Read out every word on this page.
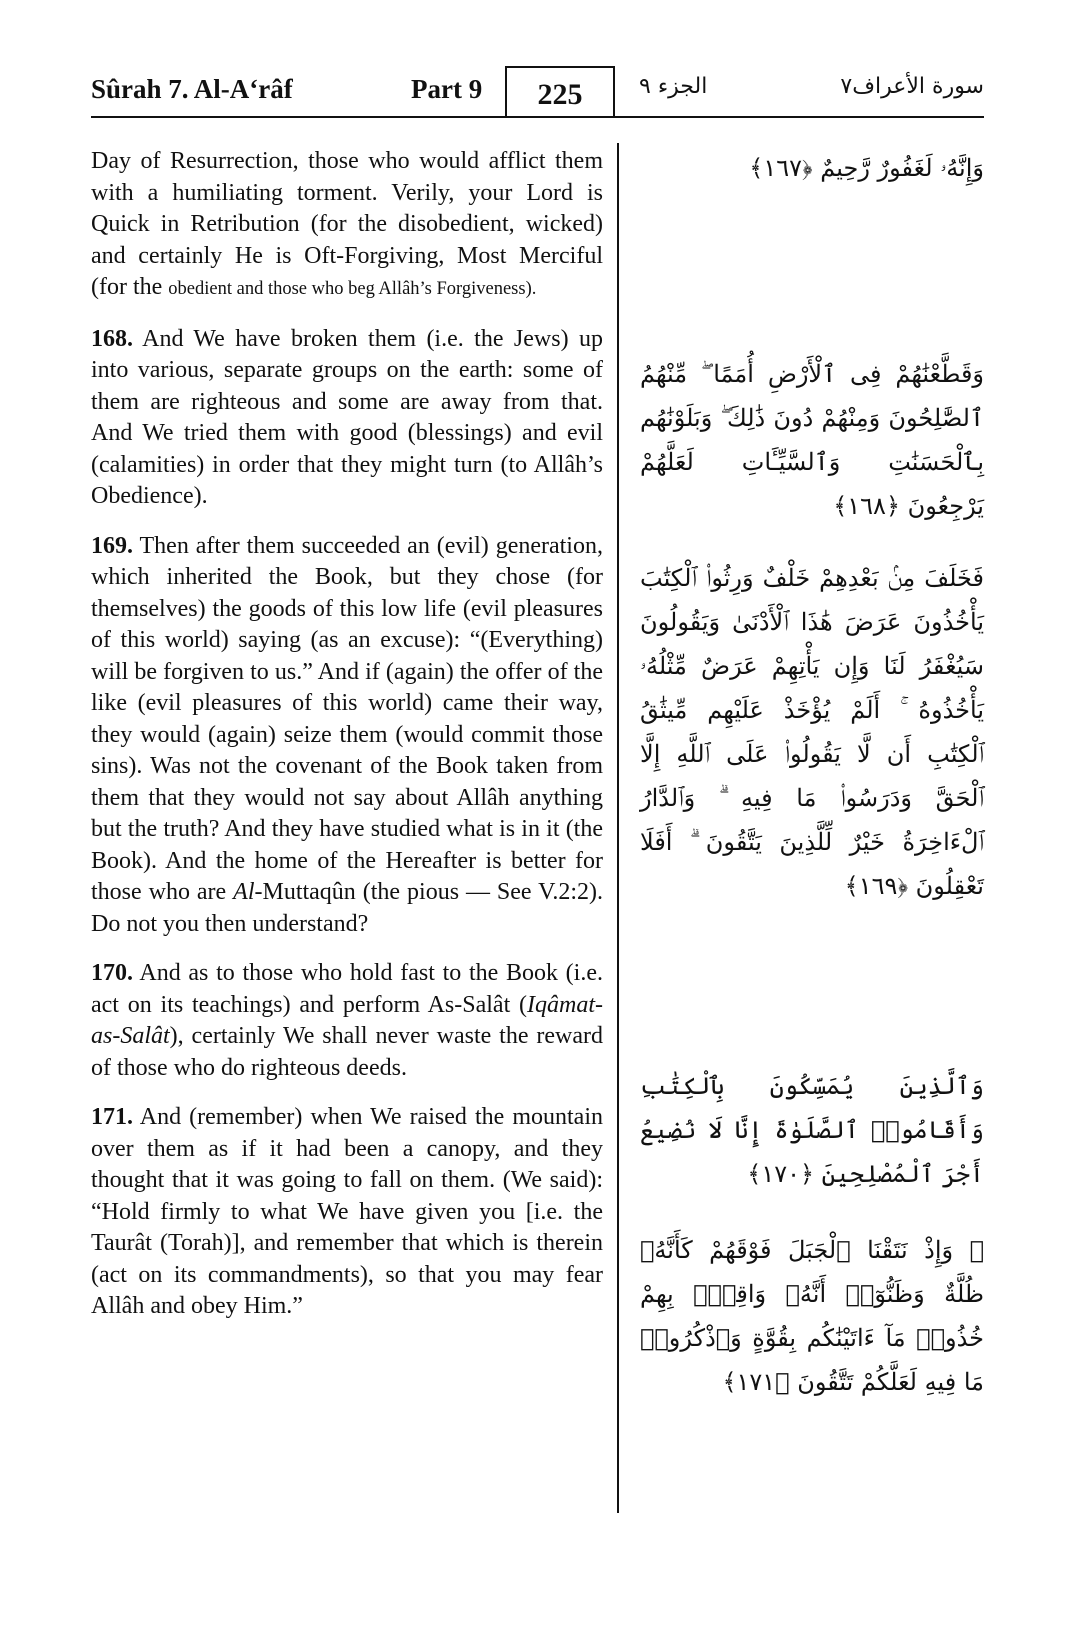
Sûrah 7. Al-A‘râf	Part 9	225	الجزء ٩	سورة الأعراف٧

Day of Resurrection, those who would afflict them with a humiliating torment. Verily, your Lord is Quick in Retribution (for the disobedient, wicked) and certainly He is Oft-Forgiving, Most Merciful (for the obedient and those who beg Allâh’s Forgiveness).

168. And We have broken them (i.e. the Jews) up into various, separate groups on the earth: some of them are righteous and some are away from that. And We tried them with good (blessings) and evil (calamities) in order that they might turn (to Allâh’s Obedience).

169. Then after them succeeded an (evil) generation, which inherited the Book, but they chose (for themselves) the goods of this low life (evil pleasures of this world) saying (as an excuse): “(Everything) will be forgiven to us.” And if (again) the offer of the like (evil pleasures of this world) came their way, they would (again) seize them (would commit those sins). Was not the covenant of the Book taken from them that they would not say about Allâh anything but the truth? And they have studied what is in it (the Book). And the home of the Hereafter is better for those who are Al-Muttaqûn (the pious — See V.2:2). Do not you then understand?

170. And as to those who hold fast to the Book (i.e. act on its teachings) and perform As-Salât (Iqâmat-as-Salât), certainly We shall never waste the reward of those who do righteous deeds.

171. And (remember) when We raised the mountain over them as if it had been a canopy, and they thought that it was going to fall on them. (We said): “Hold firmly to what We have given you [i.e. the Taurât (Torah)], and remember that which is therein (act on its commandments), so that you may fear Allâh and obey Him.”

وَإِنَّهُۥ لَغَفُورٌ رَّحِيمٌ ﴿١٦٧﴾
وَقَطَّعْنَٰهُمْ فِى ٱلْأَرْضِ أُمَمًا ۖ مِّنْهُمُ ٱلصَّٰلِحُونَ وَمِنْهُمْ دُونَ ذَٰلِكَ ۖ وَبَلَوْنَٰهُم بِٱلْحَسَنَٰتِ وَٱلسَّيِّـَٔاتِ لَعَلَّهُمْ يَرْجِعُونَ ﴿١٦٨﴾
فَخَلَفَ مِنۢ بَعْدِهِمْ خَلْفٌ وَرِثُوا۟ ٱلْكِتَٰبَ يَأْخُذُونَ عَرَضَ هَٰذَا ٱلْأَدْنَىٰ وَيَقُولُونَ سَيُغْفَرُ لَنَا وَإِن يَأْتِهِمْ عَرَضٌ مِّثْلُهُۥ يَأْخُذُوهُ ۚ أَلَمْ يُؤْخَذْ عَلَيْهِم مِّيثَٰقُ ٱلْكِتَٰبِ أَن لَّا يَقُولُوا۟ عَلَى ٱللَّهِ إِلَّا ٱلْحَقَّ وَدَرَسُوا۟ مَا فِيهِ ۗ وَٱلدَّارُ ٱلْءَاخِرَةُ خَيْرٌ لِّلَّذِينَ يَتَّقُونَ ۗ أَفَلَا تَعْقِلُونَ ﴿١٦٩﴾
وَٱلَّذِينَ يُمَسِّكُونَ بِٱلْكِتَٰبِ وَأَقَامُوا۟ ٱلصَّلَوٰةَ إِنَّا لَا نُضِيعُ أَجْرَ ٱلْمُصْلِحِينَ ﴿١٧٠﴾
۞ وَإِذْ نَتَقْنَا ٱلْجَبَلَ فَوْقَهُمْ كَأَنَّهُۥ ظُلَّةٌ وَظَنُّوٓا۟ أَنَّهُۥ وَاقِعٌۢ بِهِمْ خُذُوا۟ مَآ ءَاتَيْنَٰكُم بِقُوَّةٍ وَٱذْكُرُوا۟ مَا فِيهِ لَعَلَّكُمْ تَتَّقُونَ ﴿١٧١﴾
